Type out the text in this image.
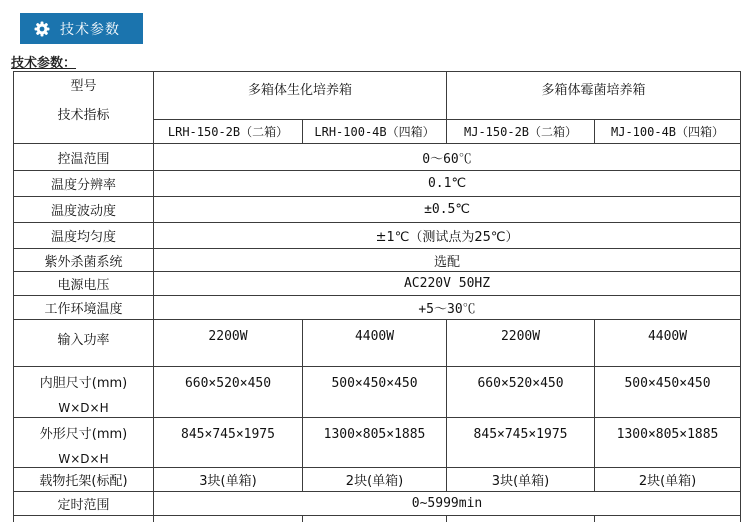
技术参数
技术参数：
型号
技术指标	多箱体生化培养箱		多箱体霉菌培养箱	
	LRH-150-2B（二箱）	LRH-100-4B（四箱）	MJ-150-2B（二箱）	MJ-100-4B（四箱）
控温范围	0～60℃			
温度分辨率	0.1℃			
温度波动度	±0.5℃			
温度均匀度	±1℃（测试点为25℃）			
紫外杀菌系统	选配			
电源电压	AC220V 50HZ			
工作环境温度	+5～30℃			
输入功率	2200W	4400W	2200W	4400W

内胆尺寸(mm)
W×D×H	660×520×450	500×450×450	660×520×450	500×450×450

外形尺寸(mm)
W×D×H	845×745×1975	1300×805×1885	845×745×1975	1300×805×1885
载物托架(标配)	3块(单箱)	2块(单箱)	3块(单箱)	2块(单箱)
定时范围	0~5999min			
